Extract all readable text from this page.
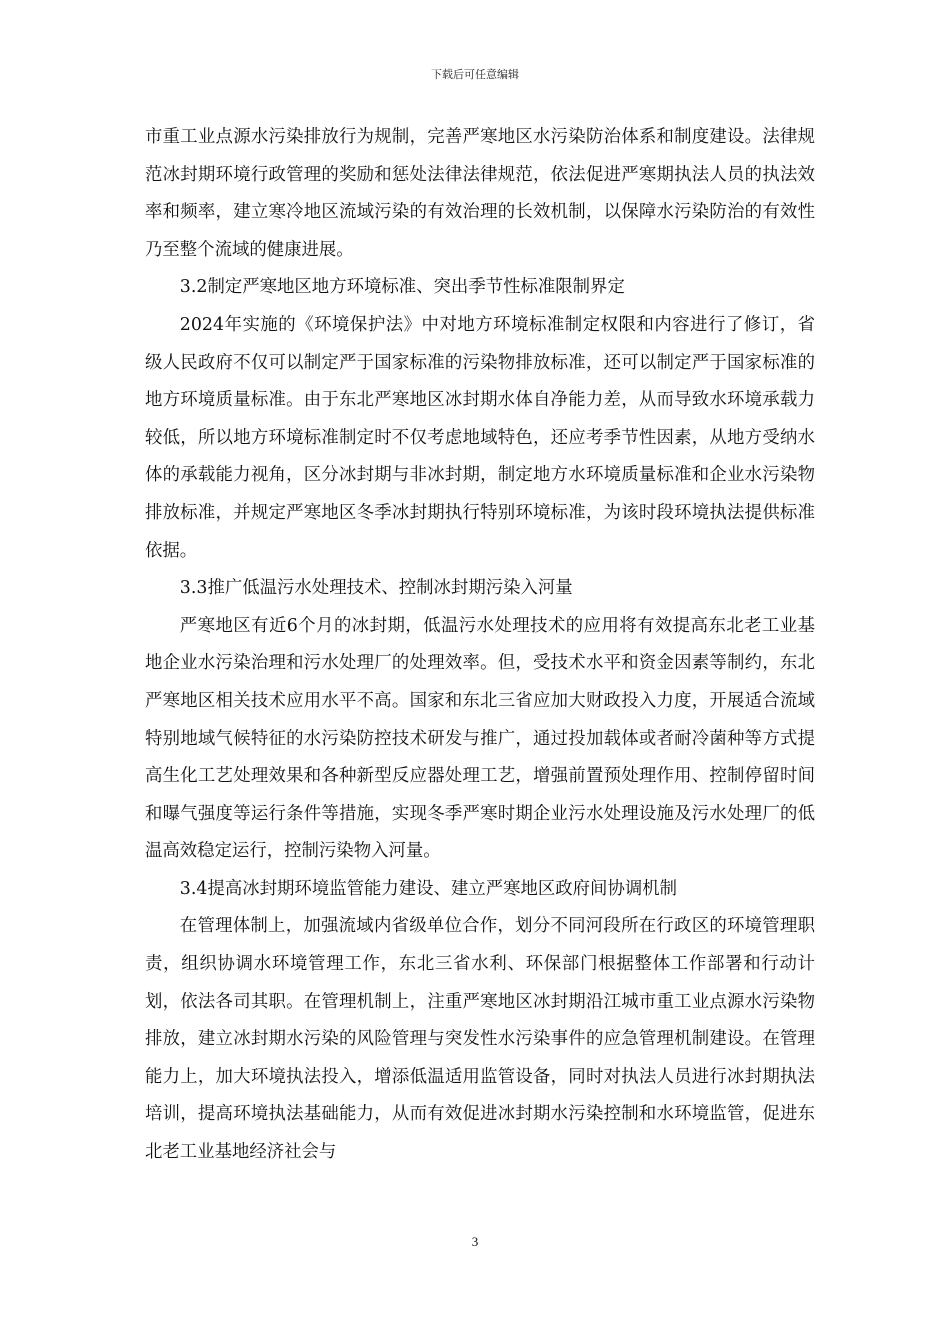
下载后可任意编辑

市重工业点源水污染排放行为规制，完善严寒地区水污染防治体系和制度建设。法律规范冰封期环境行政管理的奖励和惩处法律法律规范，依法促进严寒期执法人员的执法效率和频率，建立寒冷地区流域污染的有效治理的长效机制，以保障水污染防治的有效性乃至整个流域的健康进展。

3.2制定严寒地区地方环境标准、突出季节性标准限制界定

2024年实施的《环境保护法》中对地方环境标准制定权限和内容进行了修订，省级人民政府不仅可以制定严于国家标准的污染物排放标准，还可以制定严于国家标准的地方环境质量标准。由于东北严寒地区冰封期水体自净能力差，从而导致水环境承载力较低，所以地方环境标准制定时不仅考虑地域特色，还应考季节性因素，从地方受纳水体的承载能力视角，区分冰封期与非冰封期，制定地方水环境质量标准和企业水污染物排放标准，并规定严寒地区冬季冰封期执行特别环境标准，为该时段环境执法提供标准依据。

3.3推广低温污水处理技术、控制冰封期污染入河量

严寒地区有近6个月的冰封期，低温污水处理技术的应用将有效提高东北老工业基地企业水污染治理和污水处理厂的处理效率。但，受技术水平和资金因素等制约，东北严寒地区相关技术应用水平不高。国家和东北三省应加大财政投入力度，开展适合流域特别地域气候特征的水污染防控技术研发与推广，通过投加载体或者耐冷菌种等方式提高生化工艺处理效果和各种新型反应器处理工艺，增强前置预处理作用、控制停留时间和曝气强度等运行条件等措施，实现冬季严寒时期企业污水处理设施及污水处理厂的低温高效稳定运行，控制污染物入河量。

3.4提高冰封期环境监管能力建设、建立严寒地区政府间协调机制

在管理体制上，加强流域内省级单位合作，划分不同河段所在行政区的环境管理职责，组织协调水环境管理工作，东北三省水利、环保部门根据整体工作部署和行动计划，依法各司其职。在管理机制上，注重严寒地区冰封期沿江城市重工业点源水污染物排放，建立冰封期水污染的风险管理与突发性水污染事件的应急管理机制建设。在管理能力上，加大环境执法投入，增添低温适用监管设备，同时对执法人员进行冰封期执法培训，提高环境执法基础能力，从而有效促进冰封期水污染控制和水环境监管，促进东北老工业基地经济社会与

3
